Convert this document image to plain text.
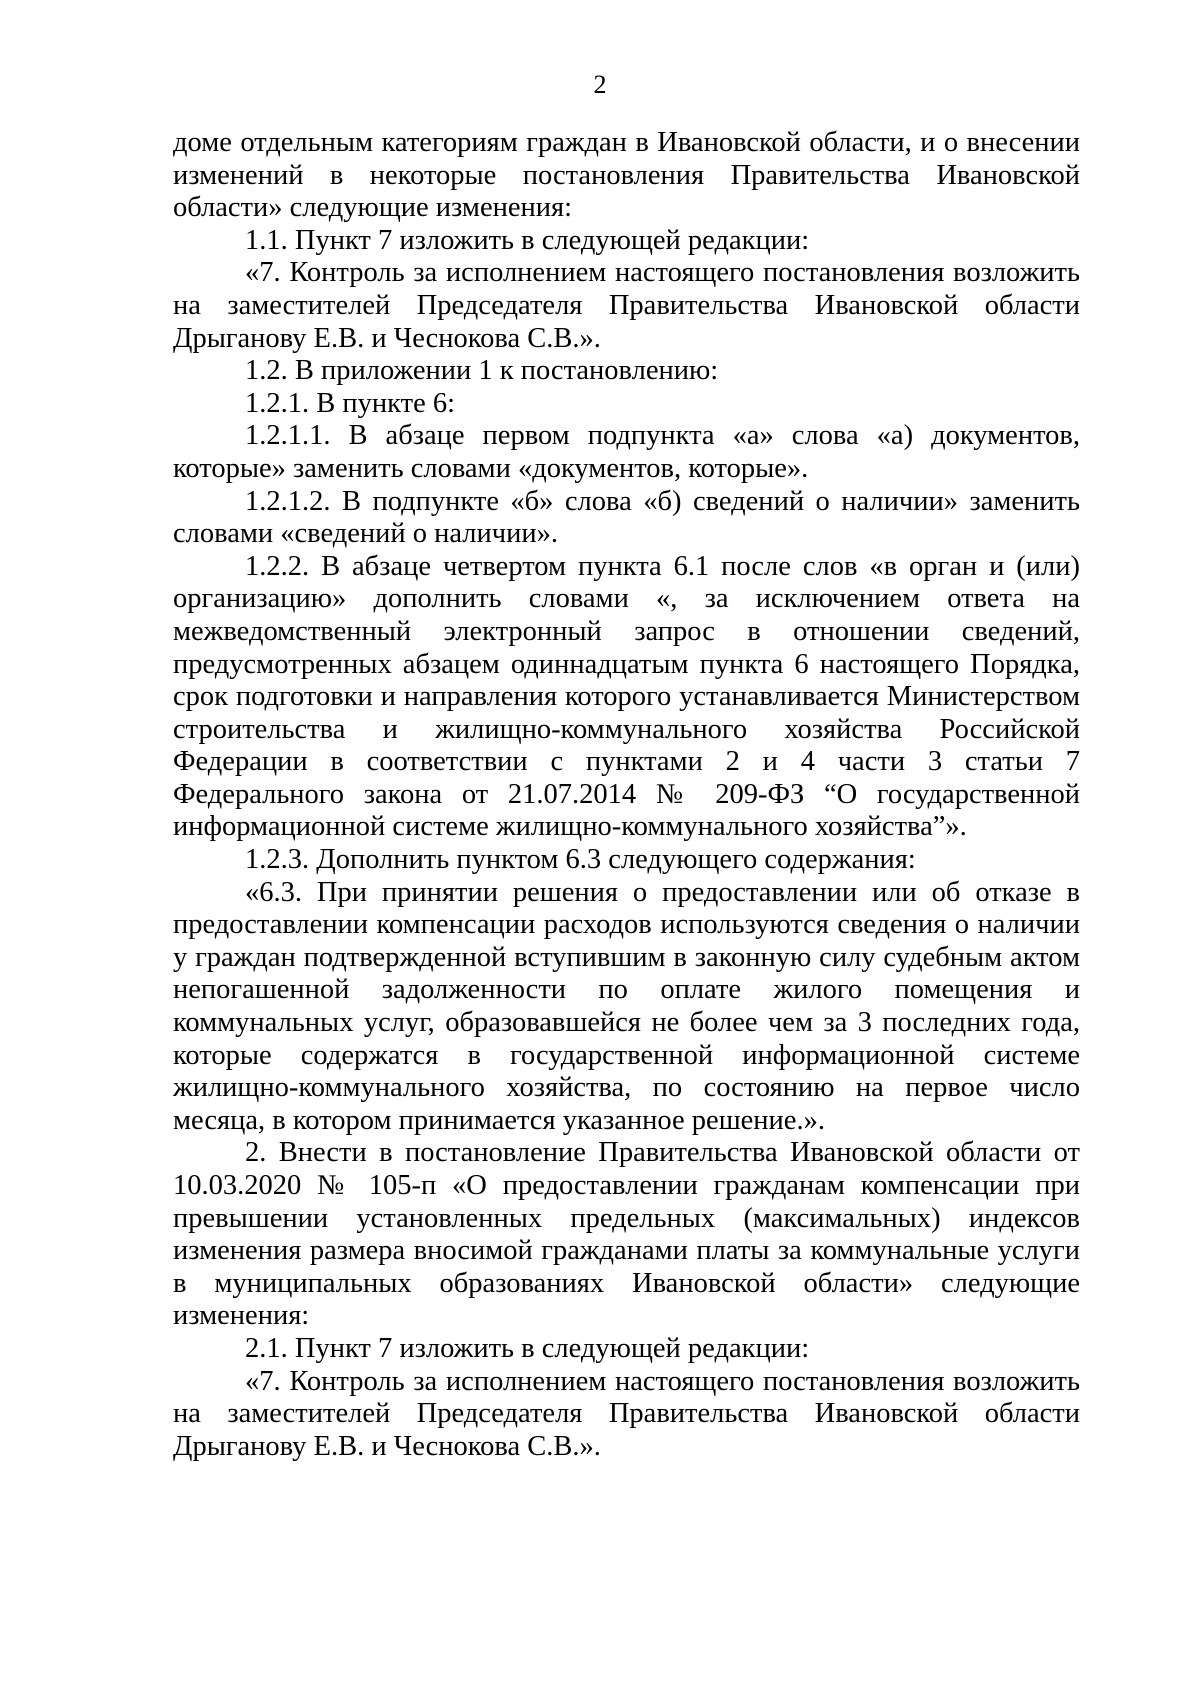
2

доме отдельным категориям граждан в Ивановской области, и о внесении изменений в некоторые постановления Правительства Ивановской области» следующие изменения:

1.1. Пункт 7 изложить в следующей редакции:

«7. Контроль за исполнением настоящего постановления возложить на заместителей Председателя Правительства Ивановской области Дрыганову Е.В. и Чеснокова С.В.».

1.2. В приложении 1 к постановлению:

1.2.1. В пункте 6:

1.2.1.1. В абзаце первом подпункта «а» слова «а) документов, которые» заменить словами «документов, которые».

1.2.1.2. В подпункте «б» слова «б) сведений о наличии» заменить словами «сведений о наличии».

1.2.2. В абзаце четвертом пункта 6.1 после слов «в орган и (или) организацию» дополнить словами «, за исключением ответа на межведомственный электронный запрос в отношении сведений, предусмотренных абзацем одиннадцатым пункта 6 настоящего Порядка, срок подготовки и направления которого устанавливается Министерством строительства и жилищно-коммунального хозяйства Российской Федерации в соответствии с пунктами 2 и 4 части 3 статьи 7 Федерального закона от 21.07.2014 № 209-ФЗ “О государственной информационной системе жилищно-коммунального хозяйства”».

1.2.3. Дополнить пунктом 6.3 следующего содержания:

«6.3. При принятии решения о предоставлении или об отказе в предоставлении компенсации расходов используются сведения о наличии у граждан подтвержденной вступившим в законную силу судебным актом непогашенной задолженности по оплате жилого помещения и коммунальных услуг, образовавшейся не более чем за 3 последних года, которые содержатся в государственной информационной системе жилищно-коммунального хозяйства, по состоянию на первое число месяца, в котором принимается указанное решение.».

2. Внести в постановление Правительства Ивановской области от 10.03.2020 № 105-п «О предоставлении гражданам компенсации при превышении установленных предельных (максимальных) индексов изменения размера вносимой гражданами платы за коммунальные услуги в муниципальных образованиях Ивановской области» следующие изменения:

2.1. Пункт 7 изложить в следующей редакции:

«7. Контроль за исполнением настоящего постановления возложить на заместителей Председателя Правительства Ивановской области Дрыганову Е.В. и Чеснокова С.В.».
